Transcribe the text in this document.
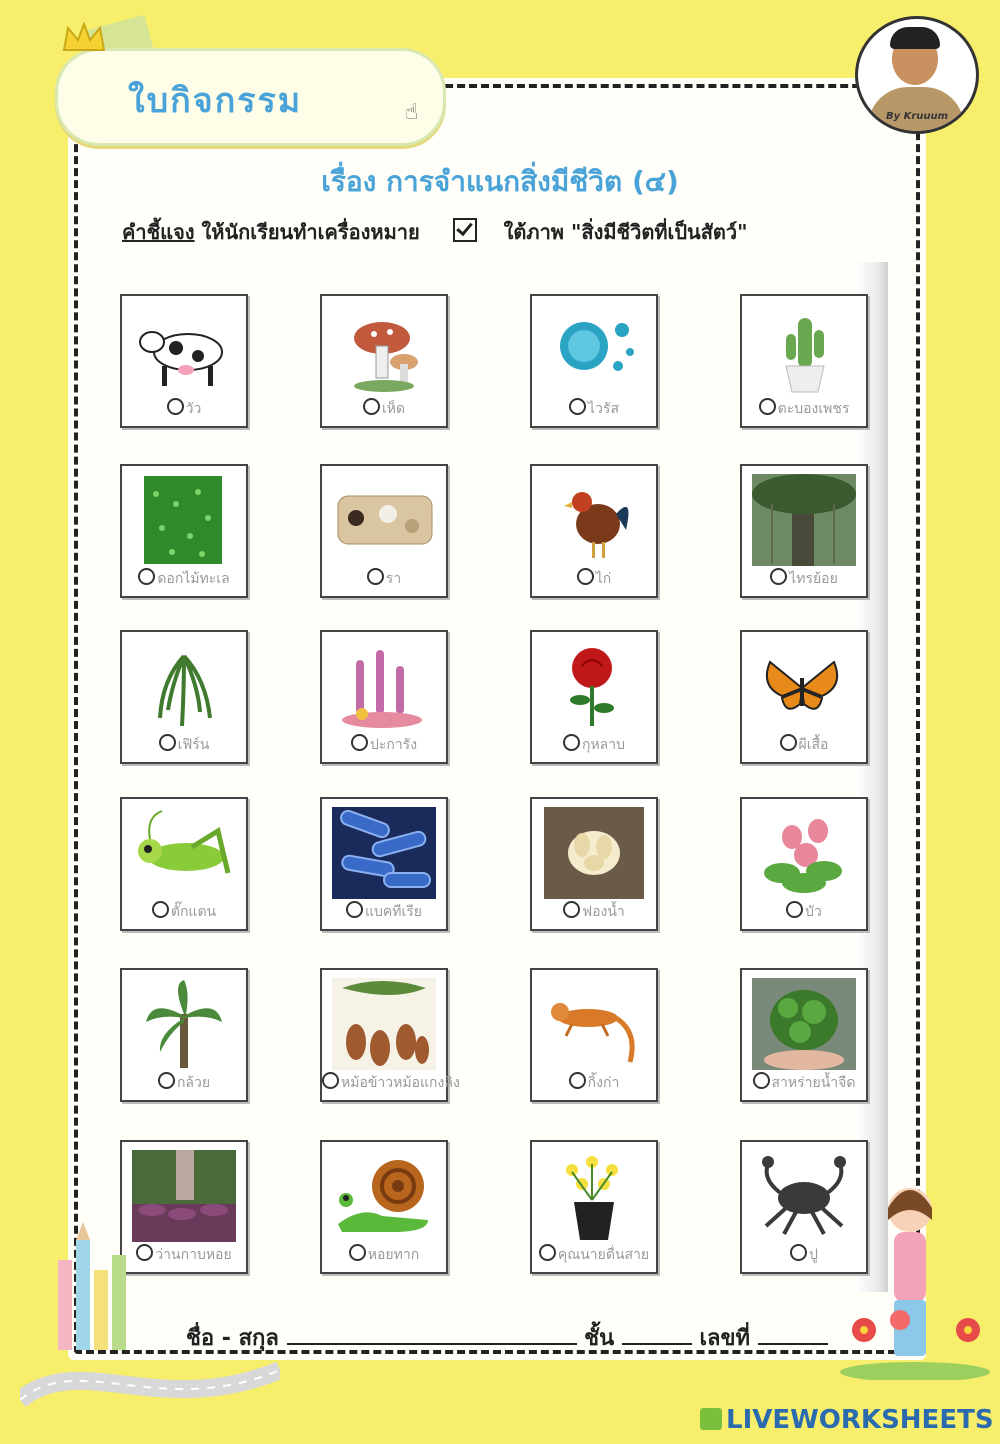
ใบกิจกรรม	☝	By Kruuum
เรื่อง การจำแนกสิ่งมีชีวิต (๔)
คำชี้แจง ให้นักเรียนทำเครื่องหมาย	ใต้ภาพ "สิ่งมีชีวิตที่เป็นสัตว์"
วัว	เห็ด	ไวรัส	ตะบองเพชร
ดอกไม้ทะเล	รา	ไก่	ไทรย้อย
เฟิร์น	ปะการัง	กุหลาบ	ผีเสื้อ
ตั๊กแตน	แบคทีเรีย	ฟองน้ำ	บัว
กล้วย	หม้อข้าวหม้อแกงลิง	กิ้งก่า	สาหร่ายน้ำจืด
ว่านกาบหอย	หอยทาก	คุณนายตื่นสาย	ปู
ชื่อ - สกุล	ชั้น	เลขที่
LIVEWORKSHEETS
